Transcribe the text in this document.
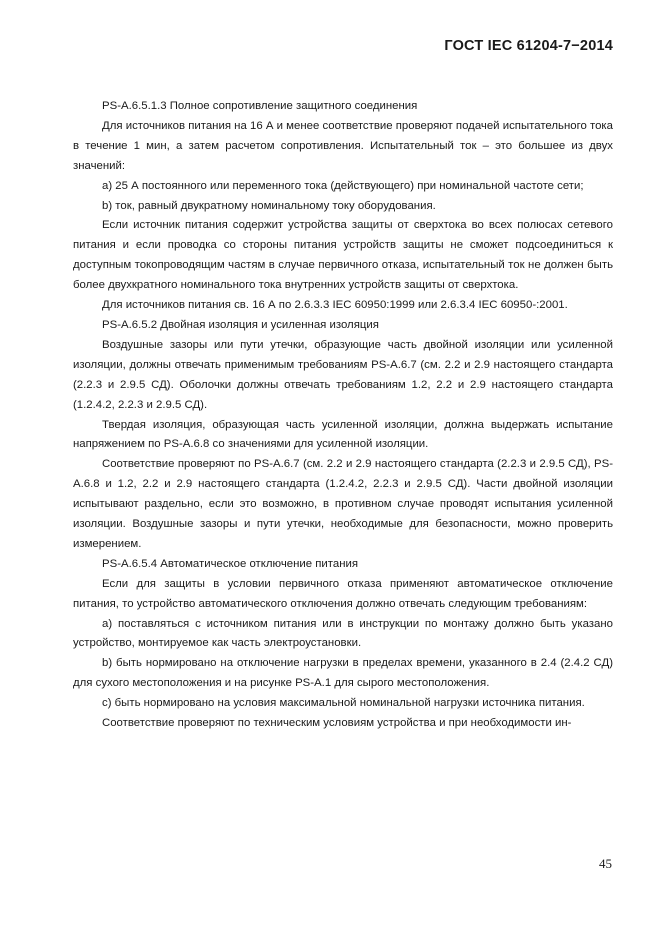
ГОСТ IEC 61204-7−2014

PS-A.6.5.1.3 Полное сопротивление защитного соединения

Для источников питания на 16 А и менее соответствие проверяют подачей испытательного тока в течение 1 мин, а затем расчетом сопротивления. Испытательный ток – это большее из двух значений:

а) 25 А постоянного или переменного тока (действующего) при номинальной частоте сети;

b) ток, равный двукратному номинальному току оборудования.

Если источник питания содержит устройства защиты от сверхтока во всех полюсах сетевого питания и если проводка со стороны питания устройств защиты не сможет подсоединиться к доступным токопроводящим частям в случае первичного отказа, испытательный ток не должен быть более двухкратного номинального тока внутренних устройств защиты от сверхтока.

Для источников питания св. 16 А по 2.6.3.3 IEC 60950:1999 или 2.6.3.4 IEC 60950-:2001.

PS-A.6.5.2 Двойная изоляция и усиленная изоляция

Воздушные зазоры или пути утечки, образующие часть двойной изоляции или усиленной изоляции, должны отвечать применимым требованиям PS-A.6.7 (см. 2.2 и 2.9 настоящего стандарта (2.2.3 и 2.9.5 СД). Оболочки должны отвечать требованиям 1.2, 2.2 и 2.9 настоящего стандарта (1.2.4.2, 2.2.3 и 2.9.5 СД).

Твердая изоляция, образующая часть усиленной изоляции, должна выдержать испытание напряжением по PS-A.6.8 со значениями для усиленной изоляции.

Соответствие проверяют по PS-A.6.7 (см. 2.2 и 2.9 настоящего стандарта (2.2.3 и 2.9.5 СД), PS-A.6.8 и 1.2, 2.2 и 2.9 настоящего стандарта (1.2.4.2, 2.2.3 и 2.9.5 СД). Части двойной изоляции испытывают раздельно, если это возможно, в противном случае проводят испытания усиленной изоляции. Воздушные зазоры и пути утечки, необходимые для безопасности, можно проверить измерением.

PS-A.6.5.4 Автоматическое отключение питания

Если для защиты в условии первичного отказа применяют автоматическое отключение питания, то устройство автоматического отключения должно отвечать следующим требованиям:

а) поставляться с источником питания или в инструкции по монтажу должно быть указано устройство, монтируемое как часть электроустановки.

b) быть нормировано на отключение нагрузки в пределах времени, указанного в 2.4 (2.4.2 СД) для сухого местоположения и на рисунке PS-A.1 для сырого местоположения.

с) быть нормировано на условия максимальной номинальной нагрузки источника питания.

Соответствие проверяют по техническим условиям устройства и при необходимости ин-

45
